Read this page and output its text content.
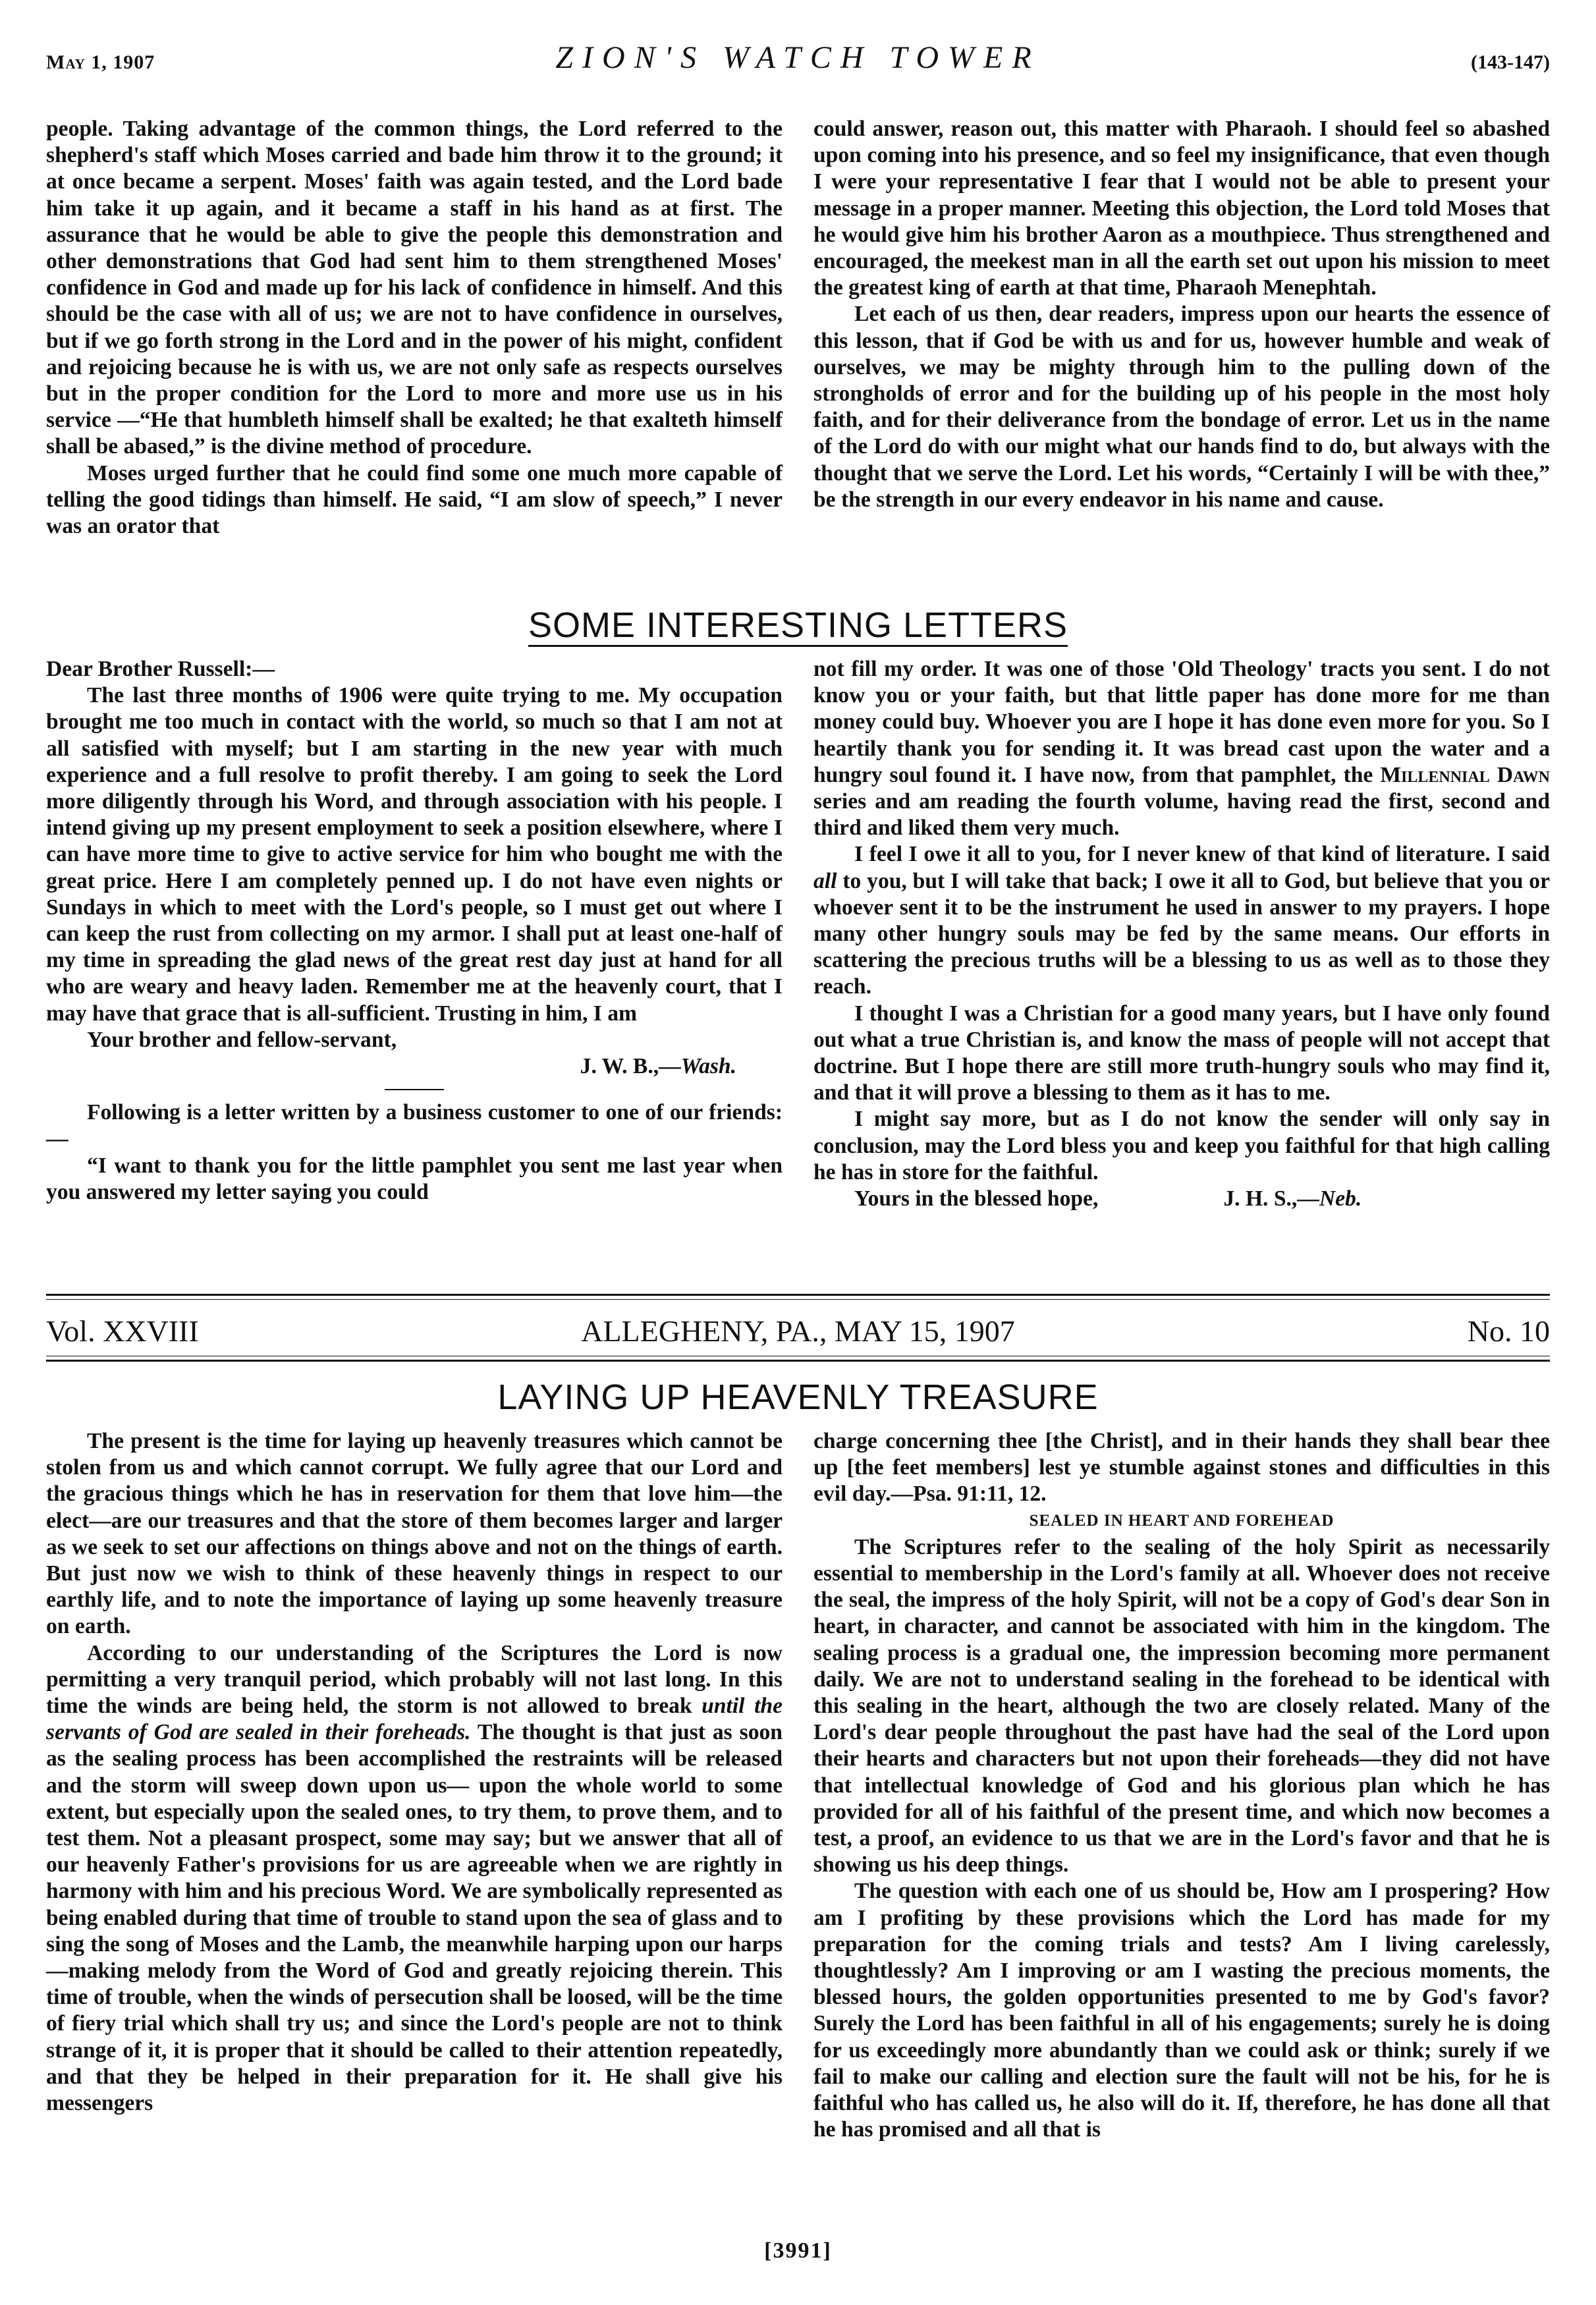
May 1, 1907	ZION'S WATCH TOWER	(143-147)

people. Taking advantage of the common things, the Lord referred to the shepherd's staff which Moses carried and bade him throw it to the ground; it at once became a serpent. Moses' faith was again tested, and the Lord bade him take it up again, and it became a staff in his hand as at first. The assurance that he would be able to give the people this demonstration and other demonstrations that God had sent him to them strengthened Moses' confidence in God and made up for his lack of confidence in himself. And this should be the case with all of us; we are not to have confidence in ourselves, but if we go forth strong in the Lord and in the power of his might, confident and rejoicing because he is with us, we are not only safe as respects ourselves but in the proper condition for the Lord to more and more use us in his service —“He that humbleth himself shall be exalted; he that exalteth himself shall be abased,” is the divine method of procedure.

Moses urged further that he could find some one much more capable of telling the good tidings than himself. He said, “I am slow of speech,” I never was an orator that

could answer, reason out, this matter with Pharaoh. I should feel so abashed upon coming into his presence, and so feel my insignificance, that even though I were your representative I fear that I would not be able to present your message in a proper manner. Meeting this objection, the Lord told Moses that he would give him his brother Aaron as a mouthpiece. Thus strengthened and encouraged, the meekest man in all the earth set out upon his mission to meet the greatest king of earth at that time, Pharaoh Menephtah.

Let each of us then, dear readers, impress upon our hearts the essence of this lesson, that if God be with us and for us, however humble and weak of ourselves, we may be mighty through him to the pulling down of the strongholds of error and for the building up of his people in the most holy faith, and for their deliverance from the bondage of error. Let us in the name of the Lord do with our might what our hands find to do, but always with the thought that we serve the Lord. Let his words, “Certainly I will be with thee,” be the strength in our every endeavor in his name and cause.

SOME INTERESTING LETTERS

Dear Brother Russell:—

The last three months of 1906 were quite trying to me. My occupation brought me too much in contact with the world, so much so that I am not at all satisfied with myself; but I am starting in the new year with much experience and a full resolve to profit thereby. I am going to seek the Lord more diligently through his Word, and through association with his people. I intend giving up my present employment to seek a position elsewhere, where I can have more time to give to active service for him who bought me with the great price. Here I am completely penned up. I do not have even nights or Sundays in which to meet with the Lord's people, so I must get out where I can keep the rust from collecting on my armor. I shall put at least one-half of my time in spreading the glad news of the great rest day just at hand for all who are weary and heavy laden. Remember me at the heavenly court, that I may have that grace that is all-sufficient. Trusting in him, I am

Your brother and fellow-servant,

J. W. B.,—Wash.

Following is a letter written by a business customer to one of our friends:—

“I want to thank you for the little pamphlet you sent me last year when you answered my letter saying you could

not fill my order. It was one of those 'Old Theology' tracts you sent. I do not know you or your faith, but that little paper has done more for me than money could buy. Whoever you are I hope it has done even more for you. So I heartily thank you for sending it. It was bread cast upon the water and a hungry soul found it. I have now, from that pamphlet, the Millennial Dawn series and am reading the fourth volume, having read the first, second and third and liked them very much.

I feel I owe it all to you, for I never knew of that kind of literature. I said all to you, but I will take that back; I owe it all to God, but believe that you or whoever sent it to be the instrument he used in answer to my prayers. I hope many other hungry souls may be fed by the same means. Our efforts in scattering the precious truths will be a blessing to us as well as to those they reach.

I thought I was a Christian for a good many years, but I have only found out what a true Christian is, and know the mass of people will not accept that doctrine. But I hope there are still more truth-hungry souls who may find it, and that it will prove a blessing to them as it has to me.

I might say more, but as I do not know the sender will only say in conclusion, may the Lord bless you and keep you faithful for that high calling he has in store for the faithful.

Yours in the blessed hope,	J. H. S.,—Neb.

Vol. XXVIII	ALLEGHENY, PA., MAY 15, 1907	No. 10
LAYING UP HEAVENLY TREASURE

The present is the time for laying up heavenly treasures which cannot be stolen from us and which cannot corrupt. We fully agree that our Lord and the gracious things which he has in reservation for them that love him—the elect—are our treasures and that the store of them becomes larger and larger as we seek to set our affections on things above and not on the things of earth. But just now we wish to think of these heavenly things in respect to our earthly life, and to note the importance of laying up some heavenly treasure on earth.

According to our understanding of the Scriptures the Lord is now permitting a very tranquil period, which probably will not last long. In this time the winds are being held, the storm is not allowed to break until the servants of God are sealed in their foreheads. The thought is that just as soon as the sealing process has been accomplished the restraints will be released and the storm will sweep down upon us— upon the whole world to some extent, but especially upon the sealed ones, to try them, to prove them, and to test them. Not a pleasant prospect, some may say; but we answer that all of our heavenly Father's provisions for us are agreeable when we are rightly in harmony with him and his precious Word. We are symbolically represented as being enabled during that time of trouble to stand upon the sea of glass and to sing the song of Moses and the Lamb, the meanwhile harping upon our harps—making melody from the Word of God and greatly rejoicing therein. This time of trouble, when the winds of persecution shall be loosed, will be the time of fiery trial which shall try us; and since the Lord's people are not to think strange of it, it is proper that it should be called to their attention repeatedly, and that they be helped in their preparation for it. He shall give his messengers

charge concerning thee [the Christ], and in their hands they shall bear thee up [the feet members] lest ye stumble against stones and difficulties in this evil day.—Psa. 91:11, 12.

SEALED IN HEART AND FOREHEAD

The Scriptures refer to the sealing of the holy Spirit as necessarily essential to membership in the Lord's family at all. Whoever does not receive the seal, the impress of the holy Spirit, will not be a copy of God's dear Son in heart, in character, and cannot be associated with him in the kingdom. The sealing process is a gradual one, the impression becoming more permanent daily. We are not to understand sealing in the forehead to be identical with this sealing in the heart, although the two are closely related. Many of the Lord's dear people throughout the past have had the seal of the Lord upon their hearts and characters but not upon their foreheads—they did not have that intellectual knowledge of God and his glorious plan which he has provided for all of his faithful of the present time, and which now becomes a test, a proof, an evidence to us that we are in the Lord's favor and that he is showing us his deep things.

The question with each one of us should be, How am I prospering? How am I profiting by these provisions which the Lord has made for my preparation for the coming trials and tests? Am I living carelessly, thoughtlessly? Am I improving or am I wasting the precious moments, the blessed hours, the golden opportunities presented to me by God's favor? Surely the Lord has been faithful in all of his engagements; surely he is doing for us exceedingly more abundantly than we could ask or think; surely if we fail to make our calling and election sure the fault will not be his, for he is faithful who has called us, he also will do it. If, therefore, he has done all that he has promised and all that is

[3991]
